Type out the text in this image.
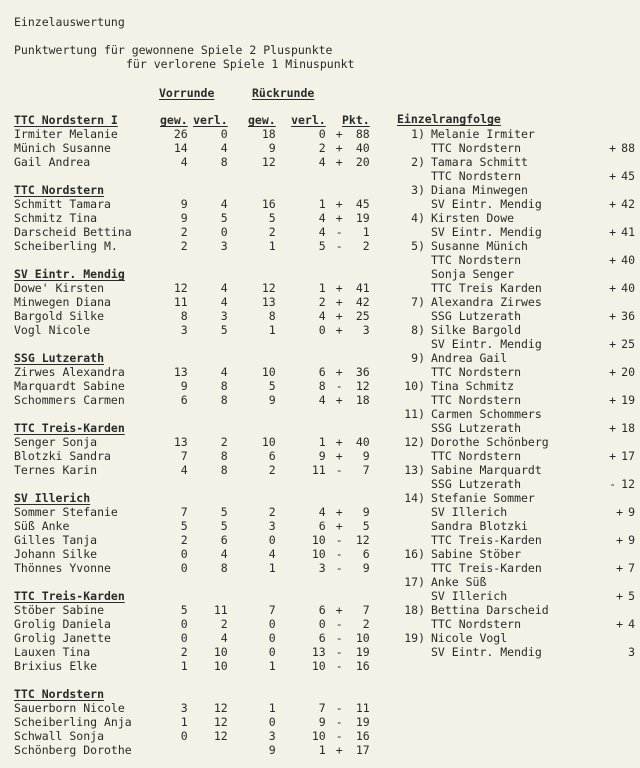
Einzelauswertung
Punktwertung für gewonnene Spiele 2 Pluspunkte
für verlorene Spiele 1 Minuspunkt
Vorrunde	Rückrunde
TTC Nordstern I	gew.	verl.	gew.	verl.	Pkt.
Irmiter Melanie	26	0	18	0	+ 88
Münich Susanne	14	4	9	2	+ 40
Gail Andrea	4	8	12	4	+ 20

TTC Nordstern					
Schmitt Tamara	9	4	16	1	+ 45
Schmitz Tina	9	5	5	4	+ 19
Darscheid Bettina	2	0	2	4	- 1
Scheiberling M.	2	3	1	5	- 2

SV Eintr. Mendig					
Dowe' Kirsten	12	4	12	1	+ 41
Minwegen Diana	11	4	13	2	+ 42
Bargold Silke	8	3	8	4	+ 25
Vogl Nicole	3	5	1	0	+ 3

SSG Lutzerath					
Zirwes Alexandra	13	4	10	6	+ 36
Marquardt Sabine	9	8	5	8	- 12
Schommers Carmen	6	8	9	4	+ 18

TTC Treis-Karden					
Senger Sonja	13	2	10	1	+ 40
Blotzki Sandra	7	8	6	9	+ 9
Ternes Karin	4	8	2	11	- 7

SV Illerich					
Sommer Stefanie	7	5	2	4	+ 9
Süß Anke	5	5	3	6	+ 5
Gilles Tanja	2	6	0	10	- 12
Johann Silke	0	4	4	10	- 6
Thönnes Yvonne	0	8	1	3	- 9

TTC Treis-Karden					
Stöber Sabine	5	11	7	6	+ 7
Grolig Daniela	0	2	0	0	- 2
Grolig Janette	0	4	0	6	- 10
Lauxen Tina	2	10	0	13	- 19
Brixius Elke	1	10	1	10	- 16

TTC Nordstern					
Sauerborn Nicole	3	12	1	7	- 11
Scheiberling Anja	1	12	0	9	- 19
Schwall Sonja	0	12	3	10	- 16
Schönberg Dorothe			9	1	+ 17
Einzelrangfolge
1) Melanie Irmiter
TTC Nordstern	+ 88
2) Tamara Schmitt
TTC Nordstern	+ 45
3) Diana Minwegen
SV Eintr. Mendig	+ 42
4) Kirsten Dowe
SV Eintr. Mendig	+ 41
5) Susanne Münich
TTC Nordstern	+ 40
Sonja Senger
TTC Treis Karden	+ 40
7) Alexandra Zirwes
SSG Lutzerath	+ 36
8) Silke Bargold
SV Eintr. Mendig	+ 25
9) Andrea Gail
TTC Nordstern	+ 20
10) Tina Schmitz
TTC Nordstern	+ 19
11) Carmen Schommers
SSG Lutzerath	+ 18
12) Dorothe Schönberg
TTC Nordstern	+ 17
13) Sabine Marquardt
SSG Lutzerath	- 12
14) Stefanie Sommer
SV Illerich	+ 9
Sandra Blotzki
TTC Treis-Karden	+ 9
16) Sabine Stöber
TTC Treis-Karden	+ 7
17) Anke Süß
SV Illerich	+ 5
18) Bettina Darscheid
TTC Nordstern	+ 4
19) Nicole Vogl
SV Eintr. Mendig	3
